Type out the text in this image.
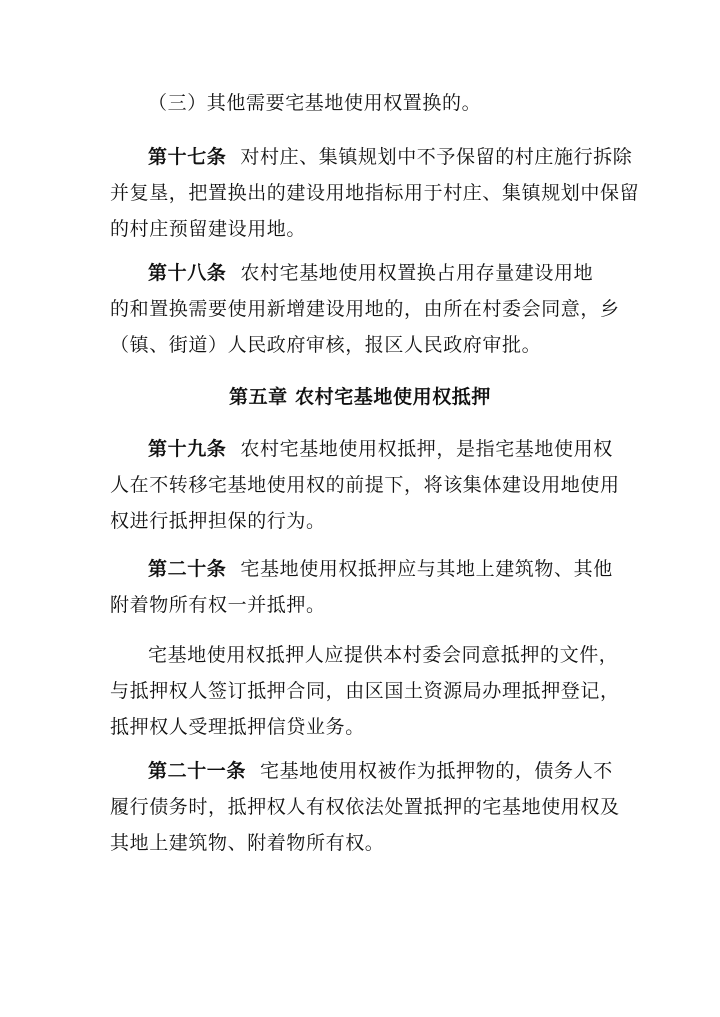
（三）其他需要宅基地使用权置换的。
第十七条 对村庄、集镇规划中不予保留的村庄施行拆除
并复垦，把置换出的建设用地指标用于村庄、集镇规划中保留
的村庄预留建设用地。
第十八条 农村宅基地使用权置换占用存量建设用地
的和置换需要使用新增建设用地的，由所在村委会同意，乡
（镇、街道）人民政府审核，报区人民政府审批。
第五章 农村宅基地使用权抵押
第十九条 农村宅基地使用权抵押，是指宅基地使用权
人在不转移宅基地使用权的前提下，将该集体建设用地使用
权进行抵押担保的行为。
第二十条 宅基地使用权抵押应与其地上建筑物、其他
附着物所有权一并抵押。
宅基地使用权抵押人应提供本村委会同意抵押的文件，
与抵押权人签订抵押合同，由区国土资源局办理抵押登记，
抵押权人受理抵押信贷业务。
第二十一条 宅基地使用权被作为抵押物的，债务人不
履行债务时，抵押权人有权依法处置抵押的宅基地使用权及
其地上建筑物、附着物所有权。
